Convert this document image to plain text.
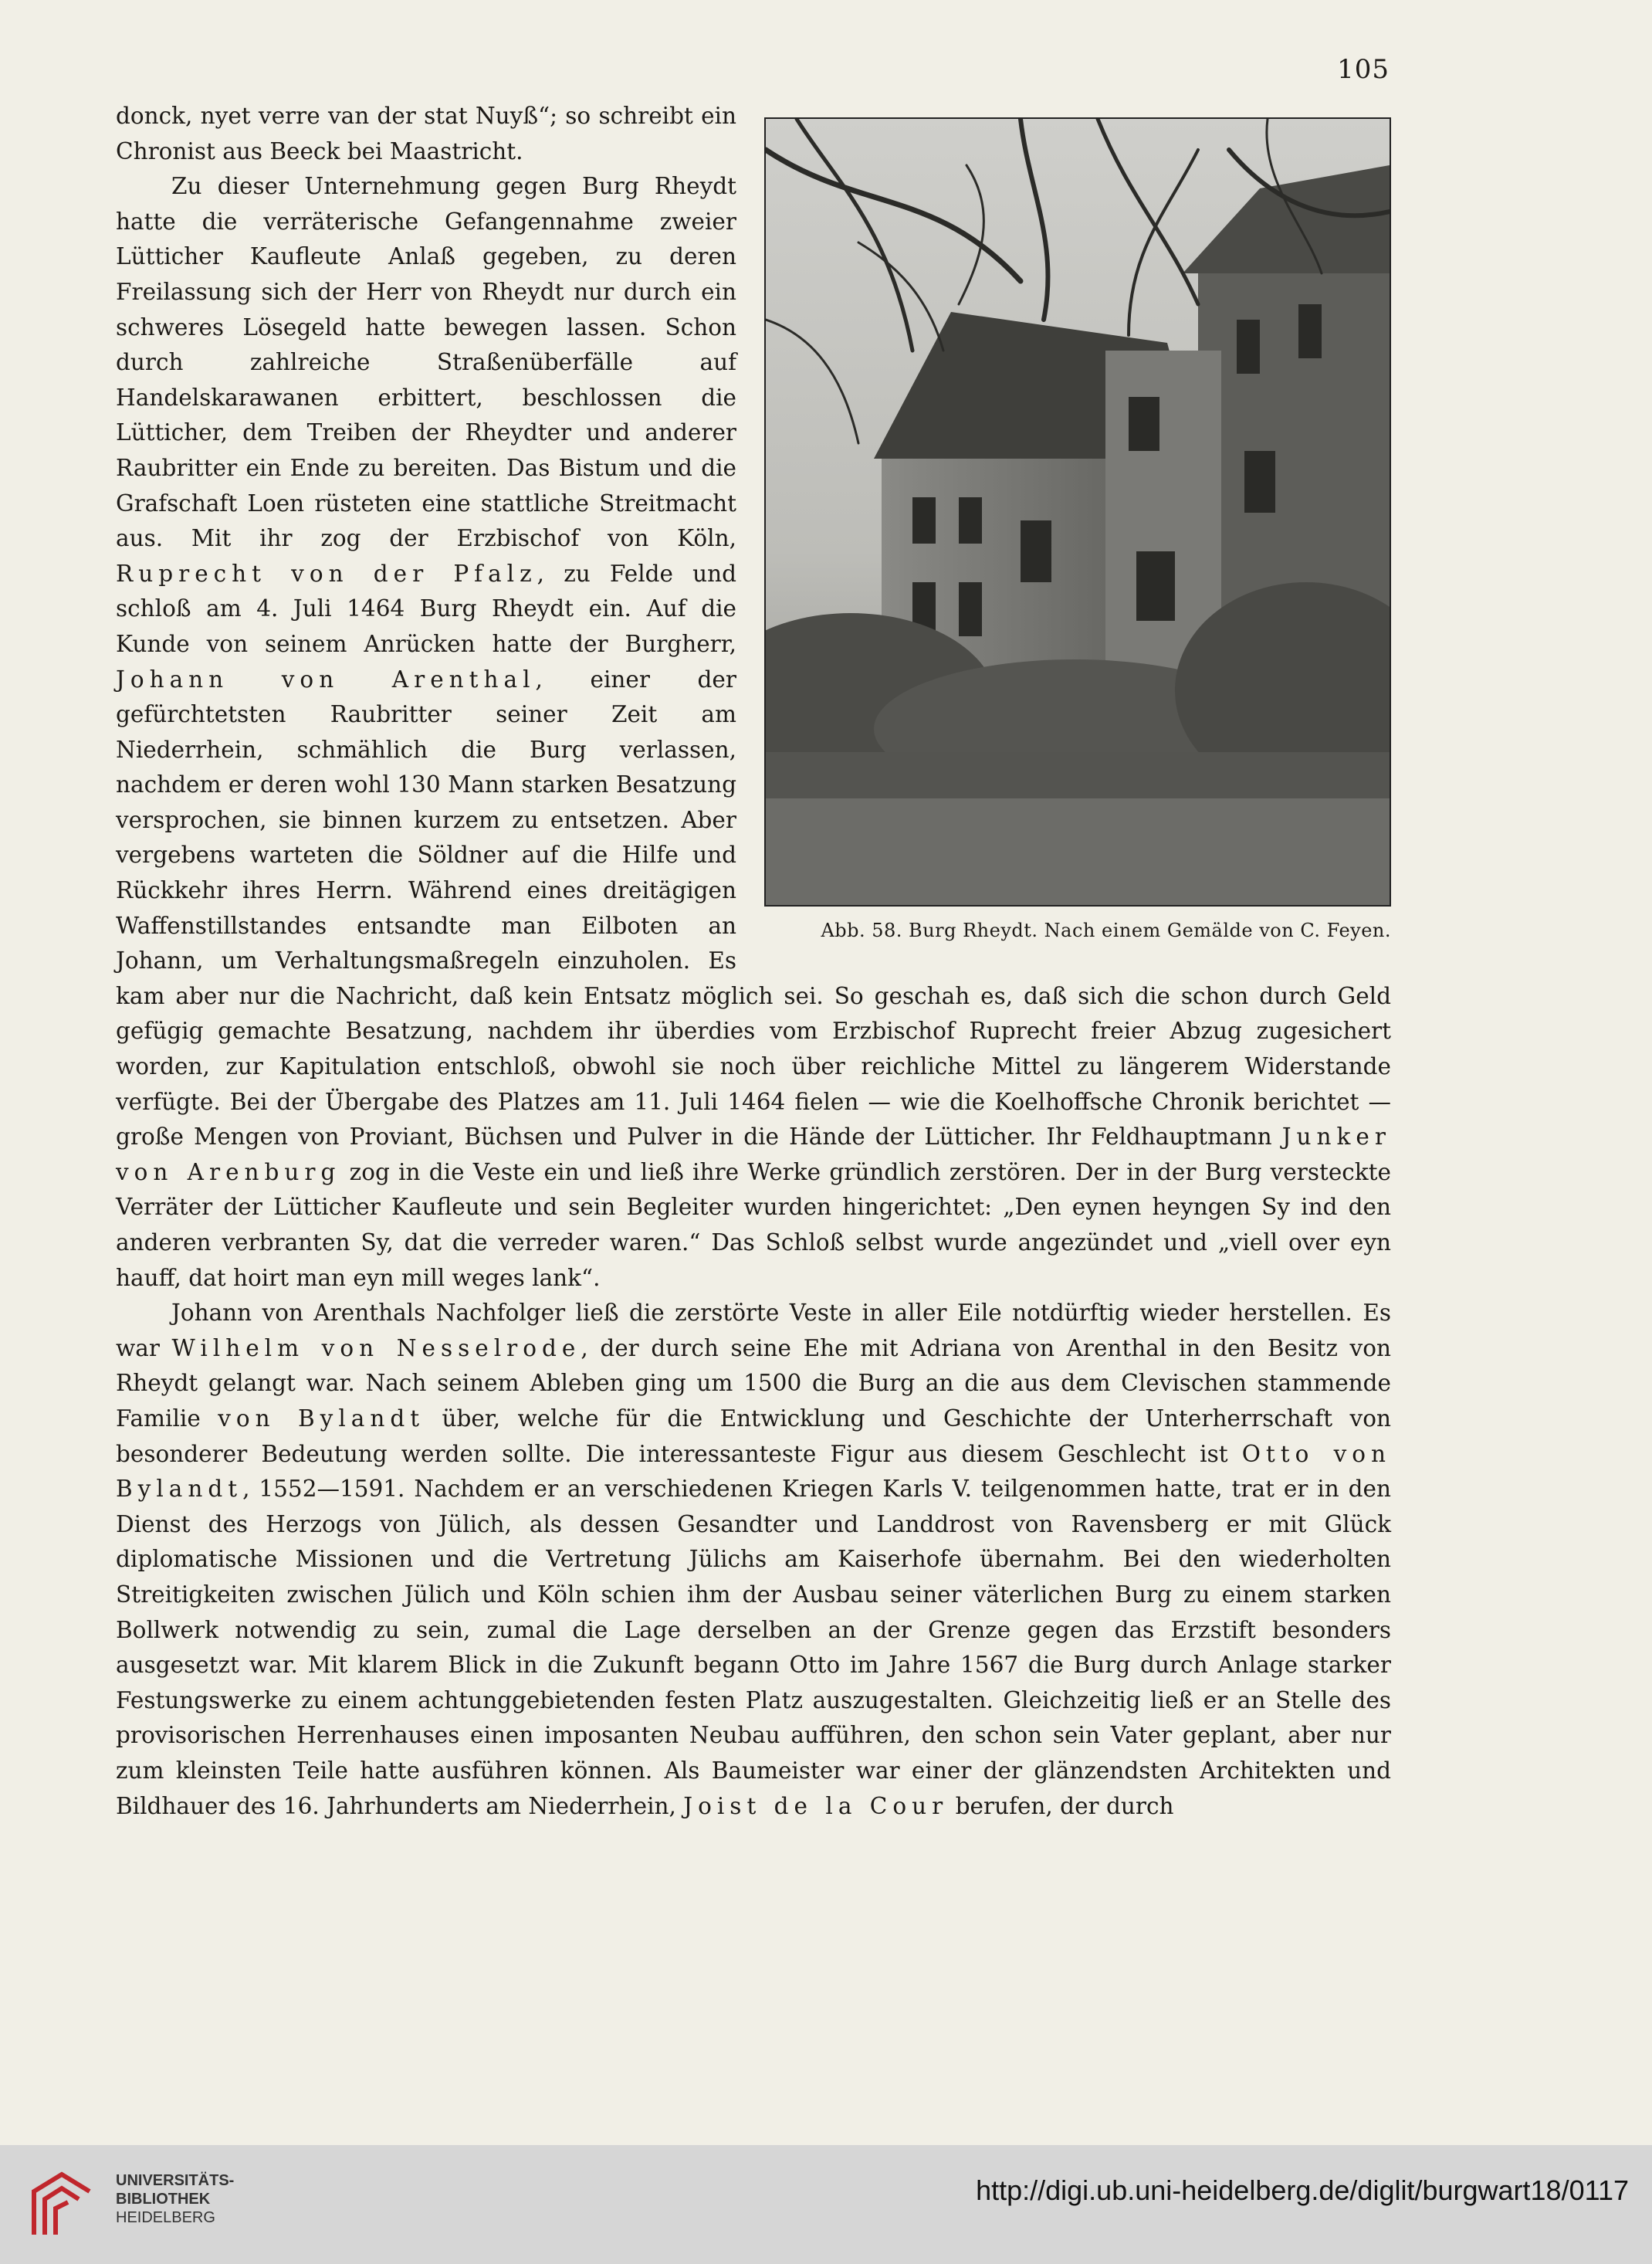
105
Abb. 58. Burg Rheydt. Nach einem Gemälde von C. Feyen.

donck, nyet verre van der stat Nuyß“; so schreibt ein Chronist aus Beeck bei Maastricht.

Zu dieser Unternehmung gegen Burg Rheydt hatte die verräterische Gefangennahme zweier Lütticher Kaufleute Anlaß gegeben, zu deren Freilassung sich der Herr von Rheydt nur durch ein schweres Lösegeld hatte bewegen lassen. Schon durch zahlreiche Straßenüberfälle auf Handelskarawanen erbittert, beschlossen die Lütticher, dem Treiben der Rheydter und anderer Raubritter ein Ende zu bereiten. Das Bistum und die Grafschaft Loen rüsteten eine stattliche Streitmacht aus. Mit ihr zog der Erzbischof von Köln, Ruprecht von der Pfalz, zu Felde und schloß am 4. Juli 1464 Burg Rheydt ein. Auf die Kunde von seinem Anrücken hatte der Burgherr, Johann von Arenthal, einer der gefürchtetsten Raubritter seiner Zeit am Niederrhein, schmählich die Burg verlassen, nachdem er deren wohl 130 Mann starken Besatzung versprochen, sie binnen kurzem zu entsetzen. Aber vergebens warteten die Söldner auf die Hilfe und Rückkehr ihres Herrn. Während eines dreitägigen Waffenstillstandes entsandte man Eilboten an Johann, um Verhaltungsmaßregeln einzuholen. Es kam aber nur die Nachricht, daß kein Entsatz möglich sei. So geschah es, daß sich die schon durch Geld gefügig gemachte Besatzung, nachdem ihr überdies vom Erzbischof Ruprecht freier Abzug zugesichert worden, zur Kapitulation entschloß, obwohl sie noch über reichliche Mittel zu längerem Widerstande verfügte. Bei der Übergabe des Platzes am 11. Juli 1464 fielen — wie die Koelhoffsche Chronik berichtet — große Mengen von Proviant, Büchsen und Pulver in die Hände der Lütticher. Ihr Feldhauptmann Junker von Arenburg zog in die Veste ein und ließ ihre Werke gründlich zerstören. Der in der Burg versteckte Verräter der Lütticher Kaufleute und sein Begleiter wurden hingerichtet: „Den eynen heyngen Sy ind den anderen verbranten Sy, dat die verreder waren.“ Das Schloß selbst wurde angezündet und „viell over eyn hauff, dat hoirt man eyn mill weges lank“.

Johann von Arenthals Nachfolger ließ die zerstörte Veste in aller Eile notdürftig wieder herstellen. Es war Wilhelm von Nesselrode, der durch seine Ehe mit Adriana von Arenthal in den Besitz von Rheydt gelangt war. Nach seinem Ableben ging um 1500 die Burg an die aus dem Clevischen stammende Familie von Bylandt über, welche für die Entwicklung und Geschichte der Unterherrschaft von besonderer Bedeutung werden sollte. Die interessanteste Figur aus diesem Geschlecht ist Otto von Bylandt, 1552—1591. Nachdem er an verschiedenen Kriegen Karls V. teilgenommen hatte, trat er in den Dienst des Herzogs von Jülich, als dessen Gesandter und Landdrost von Ravensberg er mit Glück diplomatische Missionen und die Vertretung Jülichs am Kaiserhofe übernahm. Bei den wiederholten Streitigkeiten zwischen Jülich und Köln schien ihm der Ausbau seiner väterlichen Burg zu einem starken Bollwerk notwendig zu sein, zumal die Lage derselben an der Grenze gegen das Erzstift besonders ausgesetzt war. Mit klarem Blick in die Zukunft begann Otto im Jahre 1567 die Burg durch Anlage starker Festungswerke zu einem achtunggebietenden festen Platz auszugestalten. Gleichzeitig ließ er an Stelle des provisorischen Herrenhauses einen imposanten Neubau aufführen, den schon sein Vater geplant, aber nur zum kleinsten Teile hatte ausführen können. Als Baumeister war einer der glänzendsten Architekten und Bildhauer des 16. Jahrhunderts am Niederrhein, Joist de la Cour berufen, der durch

UNIVERSITÄTS-
BIBLIOTHEK
HEIDELBERG
http://digi.ub.uni-heidelberg.de/diglit/burgwart18/0117
